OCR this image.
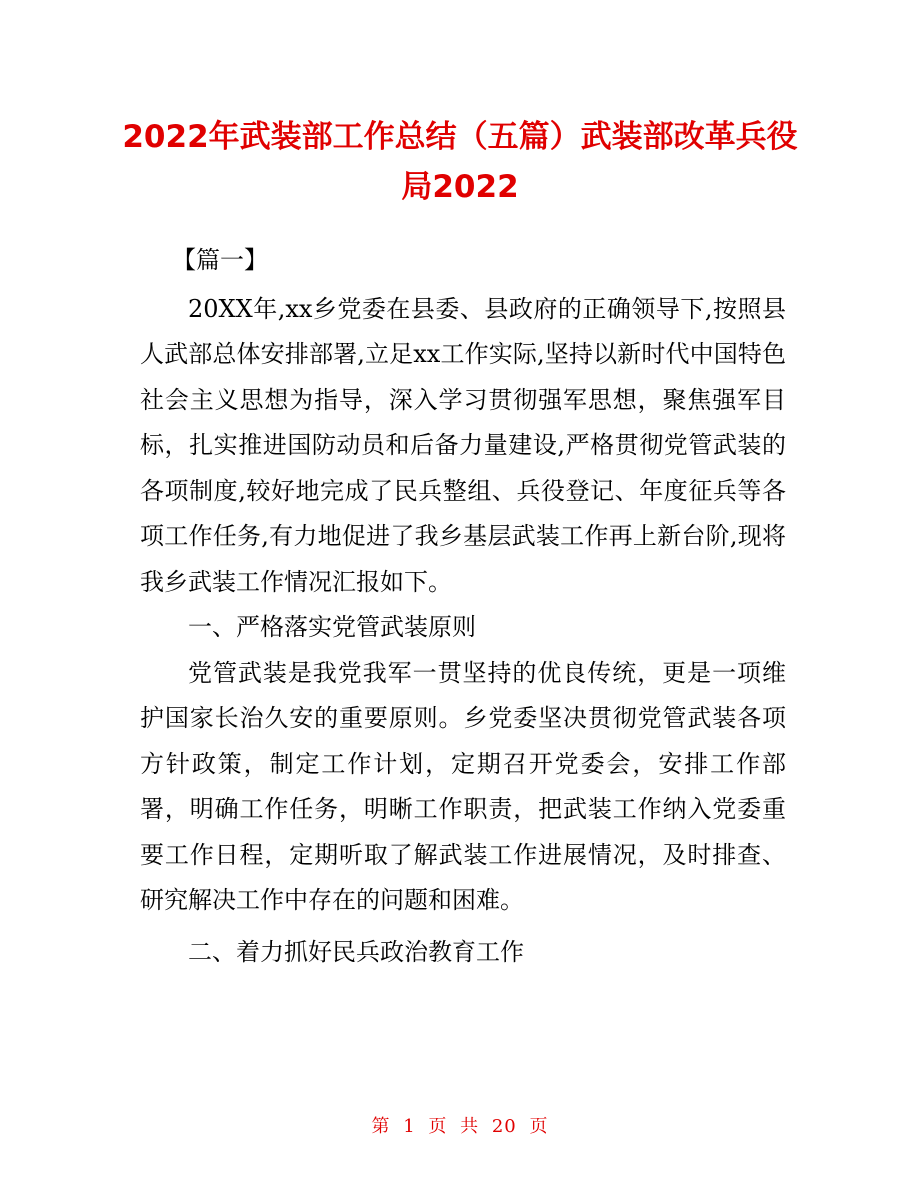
2022年武装部工作总结（五篇）武装部改革兵役局2022

【篇一】

20XX年,xx乡党委在县委、县政府的正确领导下,按照县人武部总体安排部署,立足xx工作实际,坚持以新时代中国特色社会主义思想为指导，深入学习贯彻强军思想，聚焦强军目标，扎实推进国防动员和后备力量建设,严格贯彻党管武装的各项制度,较好地完成了民兵整组、兵役登记、年度征兵等各项工作任务,有力地促进了我乡基层武装工作再上新台阶,现将我乡武装工作情况汇报如下。

一、严格落实党管武装原则

党管武装是我党我军一贯坚持的优良传统，更是一项维护国家长治久安的重要原则。乡党委坚决贯彻党管武装各项方针政策，制定工作计划，定期召开党委会，安排工作部署，明确工作任务，明晰工作职责，把武装工作纳入党委重要工作日程，定期听取了解武装工作进展情况，及时排查、研究解决工作中存在的问题和困难。

二、着力抓好民兵政治教育工作

第 1 页 共 20 页
